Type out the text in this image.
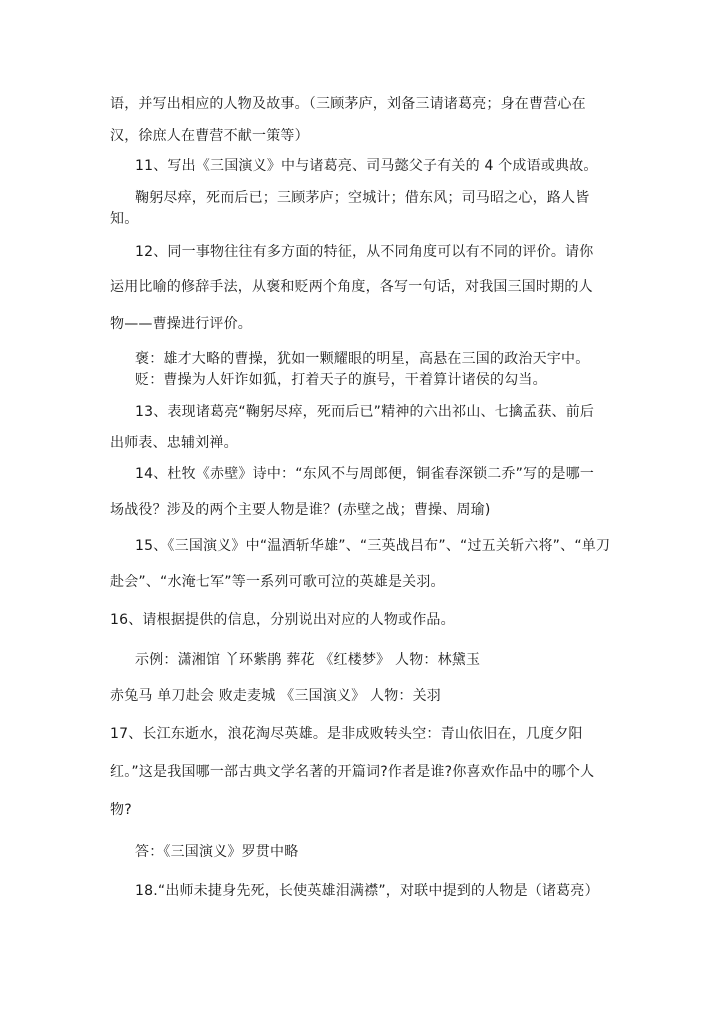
语，并写出相应的人物及故事。（三顾茅庐，刘备三请诸葛亮；身在曹营心在
汉，徐庶人在曹营不献一策等）
11、写出《三国演义》中与诸葛亮、司马懿父子有关的 4 个成语或典故。
鞠躬尽瘁，死而后已；三顾茅庐；空城计；借东风；司马昭之心，路人皆
知。
12、同一事物往往有多方面的特征，从不同角度可以有不同的评价。请你
运用比喻的修辞手法，从褒和贬两个角度，各写一句话，对我国三国时期的人
物——曹操进行评价。
褒：雄才大略的曹操，犹如一颗耀眼的明星，高悬在三国的政治天宇中。
贬：曹操为人奸诈如狐，打着天子的旗号，干着算计诸侯的勾当。
13、表现诸葛亮“鞠躬尽瘁，死而后已”精神的六出祁山、七擒孟获、前后
出师表、忠辅刘禅。
14、杜牧《赤壁》诗中：“东风不与周郎便，铜雀春深锁二乔”写的是哪一
场战役？涉及的两个主要人物是谁？(赤壁之战；曹操、周瑜)
15、《三国演义》中“温酒斩华雄”、“三英战吕布”、“过五关斩六将”、“单刀
赴会”、“水淹七军”等一系列可歌可泣的英雄是关羽。
16、请根据提供的信息，分别说出对应的人物或作品。
示例：潇湘馆 丫环紫鹃 葬花 《红楼梦》 人物：林黛玉
赤兔马 单刀赴会 败走麦城 《三国演义》 人物：关羽
17、长江东逝水，浪花淘尽英雄。是非成败转头空：青山依旧在，几度夕阳
红。”这是我国哪一部古典文学名著的开篇词?作者是谁?你喜欢作品中的哪个人
物?
答：《三国演义》罗贯中略
18.“出师未捷身先死，长使英雄泪满襟”，对联中提到的人物是（诸葛亮）
